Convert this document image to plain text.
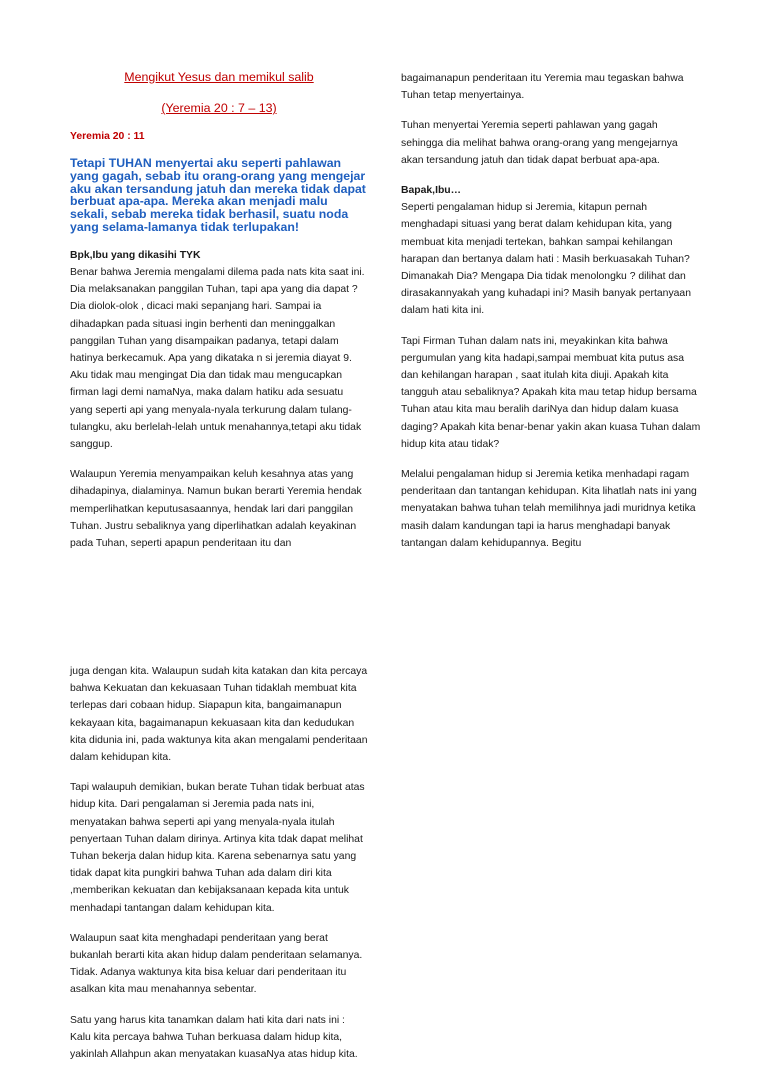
Mengikut Yesus dan memikul salib

(Yeremia 20 : 7 – 13)

Yeremia 20 : 11

Tetapi TUHAN menyertai aku seperti pahlawan yang gagah, sebab itu orang-orang yang mengejar aku akan tersandung jatuh dan mereka tidak dapat berbuat apa-apa. Mereka akan menjadi malu sekali, sebab mereka tidak berhasil, suatu noda yang selama-lamanya tidak terlupakan!

Bpk,Ibu yang dikasihi TYK

Benar bahwa Jeremia mengalami dilema pada nats kita saat ini. Dia melaksanakan panggilan Tuhan, tapi apa yang dia dapat ? Dia diolok-olok , dicaci maki sepanjang hari. Sampai ia dihadapkan pada situasi ingin berhenti dan meninggalkan panggilan Tuhan yang disampaikan padanya, tetapi dalam hatinya berkecamuk. Apa yang dikataka n si jeremia diayat 9. Aku tidak mau mengingat Dia dan tidak mau mengucapkan firman lagi demi namaNya, maka dalam hatiku ada sesuatu yang seperti api yang menyala-nyala terkurung dalam tulang-tulangku, aku berlelah-lelah untuk menahannya,tetapi aku tidak sanggup.

Walaupun Yeremia menyampaikan keluh kesahnya atas yang dihadapinya, dialaminya. Namun bukan berarti Yeremia hendak memperlihatkan keputusasaannya, hendak lari dari panggilan Tuhan. Justru sebaliknya yang diperlihatkan adalah keyakinan pada Tuhan, seperti apapun penderitaan itu dan

bagaimanapun penderitaan itu Yeremia mau tegaskan bahwa Tuhan tetap menyertainya.

Tuhan menyertai Yeremia seperti pahlawan yang gagah sehingga dia melihat bahwa orang-orang yang mengejarnya akan tersandung jatuh dan tidak dapat berbuat apa-apa.

Bapak,Ibu…

Seperti pengalaman hidup si Jeremia, kitapun pernah menghadapi situasi yang berat dalam kehidupan kita, yang membuat kita menjadi tertekan, bahkan sampai kehilangan harapan dan bertanya dalam hati : Masih berkuasakah Tuhan? Dimanakah Dia? Mengapa Dia tidak menolongku ? dilihat dan dirasakannyakah yang kuhadapi ini? Masih banyak pertanyaan dalam hati kita ini.

Tapi Firman Tuhan dalam nats ini, meyakinkan kita bahwa pergumulan yang kita hadapi,sampai membuat kita putus asa dan kehilangan harapan , saat itulah kita diuji. Apakah kita tangguh atau sebaliknya? Apakah kita mau tetap hidup bersama Tuhan atau kita mau beralih dariNya dan hidup dalam kuasa daging? Apakah kita benar-benar yakin akan kuasa Tuhan dalam hidup kita atau tidak?

Melalui pengalaman hidup si Jeremia ketika menhadapi ragam penderitaan dan tantangan kehidupan. Kita lihatlah nats ini yang menyatakan bahwa tuhan telah memilihnya jadi muridnya ketika masih dalam kandungan tapi ia harus menghadapi banyak tantangan dalam kehidupannya. Begitu

juga dengan kita. Walaupun sudah kita katakan dan kita percaya bahwa Kekuatan dan kekuasaan Tuhan tidaklah membuat kita terlepas dari cobaan hidup. Siapapun kita, bangaimanapun kekayaan kita, bagaimanapun kekuasaan kita dan kedudukan kita didunia ini, pada waktunya kita akan mengalami penderitaan dalam kehidupan kita.

Tapi walaupuh demikian, bukan berate Tuhan tidak berbuat atas hidup kita. Dari pengalaman si Jeremia pada nats ini, menyatakan bahwa seperti api yang menyala-nyala itulah penyertaan Tuhan dalam dirinya. Artinya kita tdak dapat melihat Tuhan bekerja dalan hidup kita. Karena sebenarnya satu yang tidak dapat kita pungkiri bahwa Tuhan ada dalam diri kita ,memberikan kekuatan dan kebijaksanaan kepada kita untuk menhadapi tantangan dalam kehidupan kita.

Walaupun saat kita menghadapi penderitaan yang berat bukanlah berarti kita akan hidup dalam penderitaan selamanya. Tidak. Adanya waktunya kita bisa keluar dari penderitaan itu asalkan kita mau menahannya sebentar.

Satu yang harus kita tanamkan dalam hati kita dari nats ini : Kalu kita percaya bahwa Tuhan berkuasa dalam hidup kita, yakinlah Allahpun akan menyatakan kuasaNya atas hidup kita.
